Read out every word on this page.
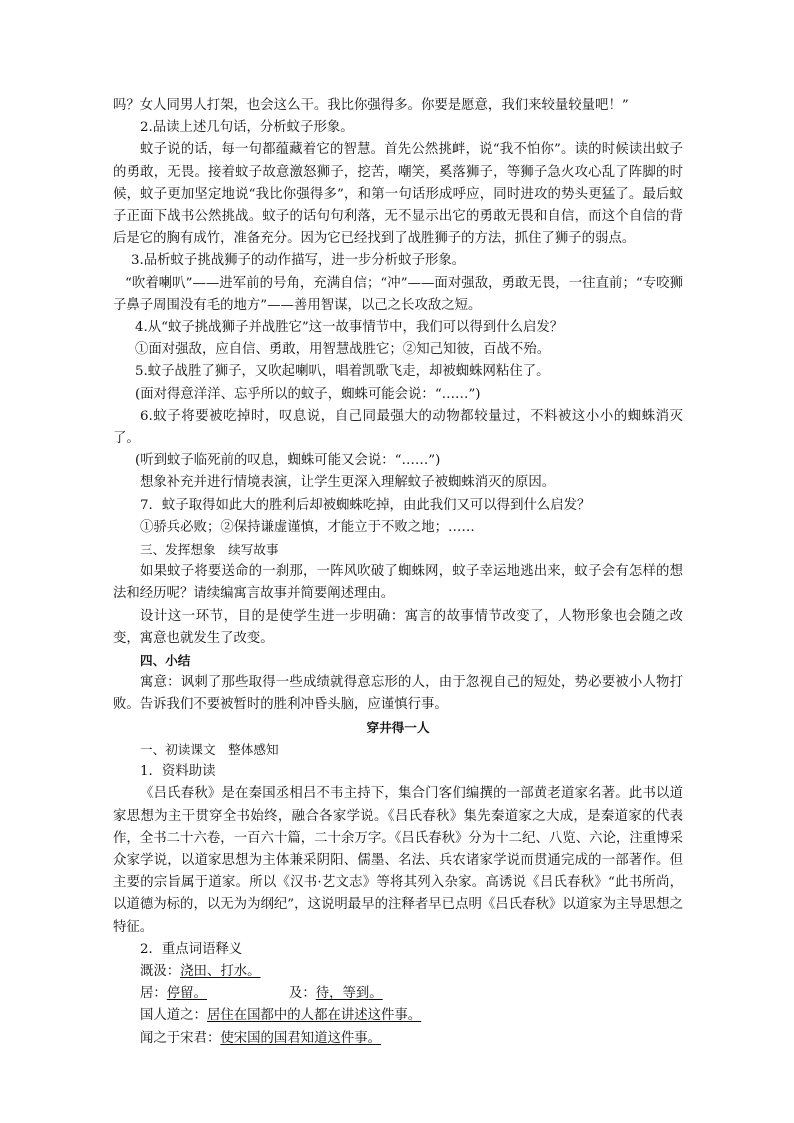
吗？女人同男人打架，也会这么干。我比你强得多。你要是愿意，我们来较量较量吧！”

2.品读上述几句话，分析蚊子形象。

蚊子说的话，每一句都蕴藏着它的智慧。首先公然挑衅，说“我不怕你”。读的时候读出蚊子的勇敢，无畏。接着蚊子故意激怒狮子，挖苦，嘲笑，奚落狮子，等狮子急火攻心乱了阵脚的时候，蚊子更加坚定地说“我比你强得多”，和第一句话形成呼应，同时进攻的势头更猛了。最后蚊子正面下战书公然挑战。蚊子的话句句利落，无不显示出它的勇敢无畏和自信，而这个自信的背后是它的胸有成竹，准备充分。因为它已经找到了战胜狮子的方法，抓住了狮子的弱点。

3.品析蚊子挑战狮子的动作描写，进一步分析蚊子形象。

“吹着喇叭”——进军前的号角，充满自信；“冲”——面对强敌，勇敢无畏，一往直前；“专咬狮子鼻子周围没有毛的地方”——善用智谋，以己之长攻敌之短。

4.从“蚊子挑战狮子并战胜它”这一故事情节中，我们可以得到什么启发？

①面对强敌，应自信、勇敢，用智慧战胜它；②知己知彼，百战不殆。

5.蚊子战胜了狮子，又吹起喇叭，唱着凯歌飞走，却被蜘蛛网粘住了。

(面对得意洋洋、忘乎所以的蚊子，蜘蛛可能会说：“……”)

6.蚊子将要被吃掉时，叹息说，自己同最强大的动物都较量过，不料被这小小的蜘蛛消灭了。

(听到蚊子临死前的叹息，蜘蛛可能又会说：“……”)

想象补充并进行情境表演，让学生更深入理解蚊子被蜘蛛消灭的原因。

7．蚊子取得如此大的胜利后却被蜘蛛吃掉，由此我们又可以得到什么启发？

①骄兵必败；②保持谦虚谨慎，才能立于不败之地；……

三、发挥想象　续写故事

如果蚊子将要送命的一刹那，一阵风吹破了蜘蛛网，蚊子幸运地逃出来，蚊子会有怎样的想法和经历呢？请续编寓言故事并简要阐述理由。

设计这一环节，目的是使学生进一步明确：寓言的故事情节改变了，人物形象也会随之改变，寓意也就发生了改变。

四、小结

寓意：讽刺了那些取得一些成绩就得意忘形的人，由于忽视自己的短处，势必要被小人物打败。告诉我们不要被暂时的胜利冲昏头脑，应谨慎行事。

穿井得一人

一、初读课文　整体感知

1．资料助读

《吕氏春秋》是在秦国丞相吕不韦主持下，集合门客们编撰的一部黄老道家名著。此书以道家思想为主干贯穿全书始终，融合各家学说。《吕氏春秋》集先秦道家之大成，是秦道家的代表作，全书二十六卷，一百六十篇，二十余万字。《吕氏春秋》分为十二纪、八览、六论，注重博采众家学说，以道家思想为主体兼采阴阳、儒墨、名法、兵农诸家学说而贯通完成的一部著作。但主要的宗旨属于道家。所以《汉书·艺文志》等将其列入杂家。高诱说《吕氏春秋》“此书所尚，以道德为标的，以无为为纲纪”，这说明最早的注释者早已点明《吕氏春秋》以道家为主导思想之特征。

2．重点词语释义

溉汲：浇田、打水。

居：停留。	及：待，等到。

国人道之：居住在国都中的人都在讲述这件事。

闻之于宋君：使宋国的国君知道这件事。
